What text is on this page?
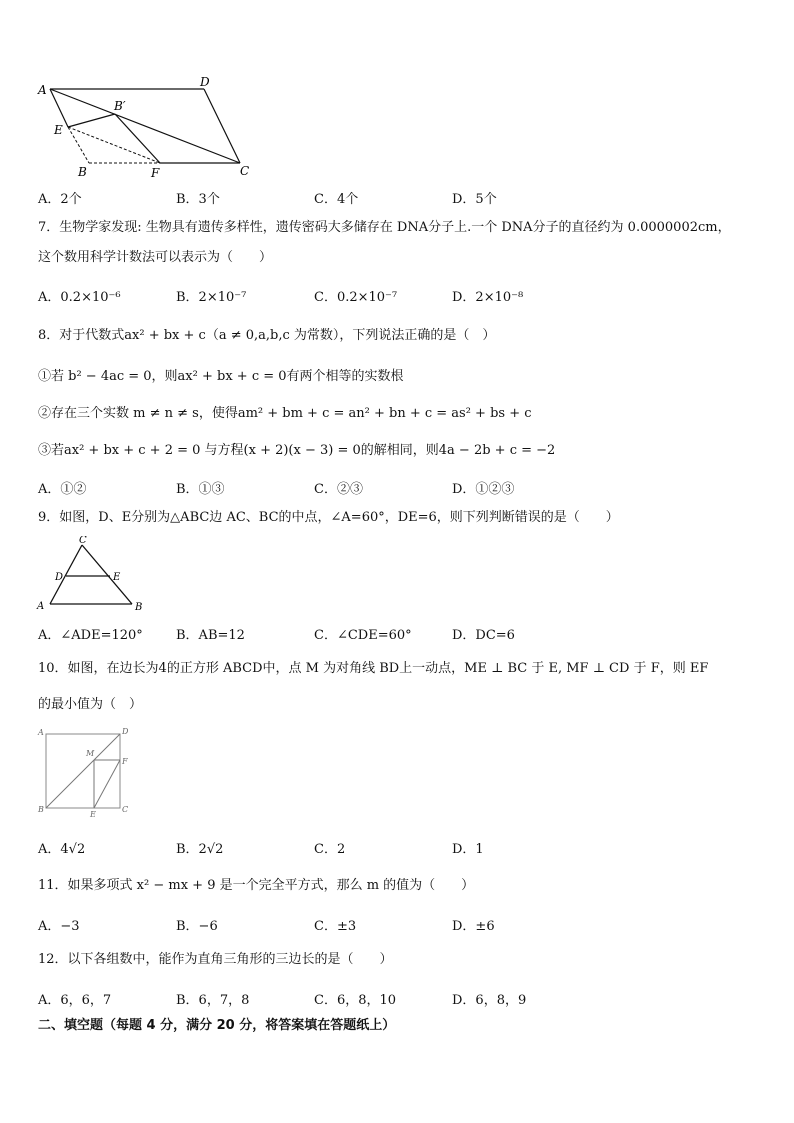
A
D
B′
E
B	F	C
A．2个	B．3个	C．4个	D．5个
7．生物学家发现: 生物具有遗传多样性，遗传密码大多储存在 DNA分子上.一个 DNA分子的直径约为 0.0000002cm，
这个数用科学计数法可以表示为（　　）
A．0.2×10⁻⁶	B．2×10⁻⁷	C．0.2×10⁻⁷	D．2×10⁻⁸
8．对于代数式ax² + bx + c（a ≠ 0,a,b,c 为常数），下列说法正确的是（　）
①若 b² − 4ac = 0，则ax² + bx + c = 0有两个相等的实数根
②存在三个实数 m ≠ n ≠ s，使得am² + bm + c = an² + bn + c = as² + bs + c
③若ax² + bx + c + 2 = 0 与方程(x + 2)(x − 3) = 0的解相同，则4a − 2b + c = −2
A．①②	B．①③	C．②③	D．①②③
9．如图，D、E分别为△ABC边 AC、BC的中点，∠A=60°，DE=6，则下列判断错误的是（　　）
C
D	E
A	B
A．∠ADE=120°	B．AB=12	C．∠CDE=60°	D．DC=6
10．如图，在边长为4的正方形 ABCD中，点 M 为对角线 BD上一动点，ME ⊥ BC 于 E, MF ⊥ CD 于 F，则 EF
的最小值为（　）
A	D
M
F
B
E
C
A．4√2	B．2√2	C．2	D．1
11．如果多项式 x² − mx + 9 是一个完全平方式，那么 m 的值为（　　）
A．−3	B．−6	C．±3	D．±6
12．以下各组数中，能作为直角三角形的三边长的是（　　）
A．6，6，7	B．6，7，8	C．6，8，10	D．6，8，9
二、填空题（每题 4 分，满分 20 分，将答案填在答题纸上）
